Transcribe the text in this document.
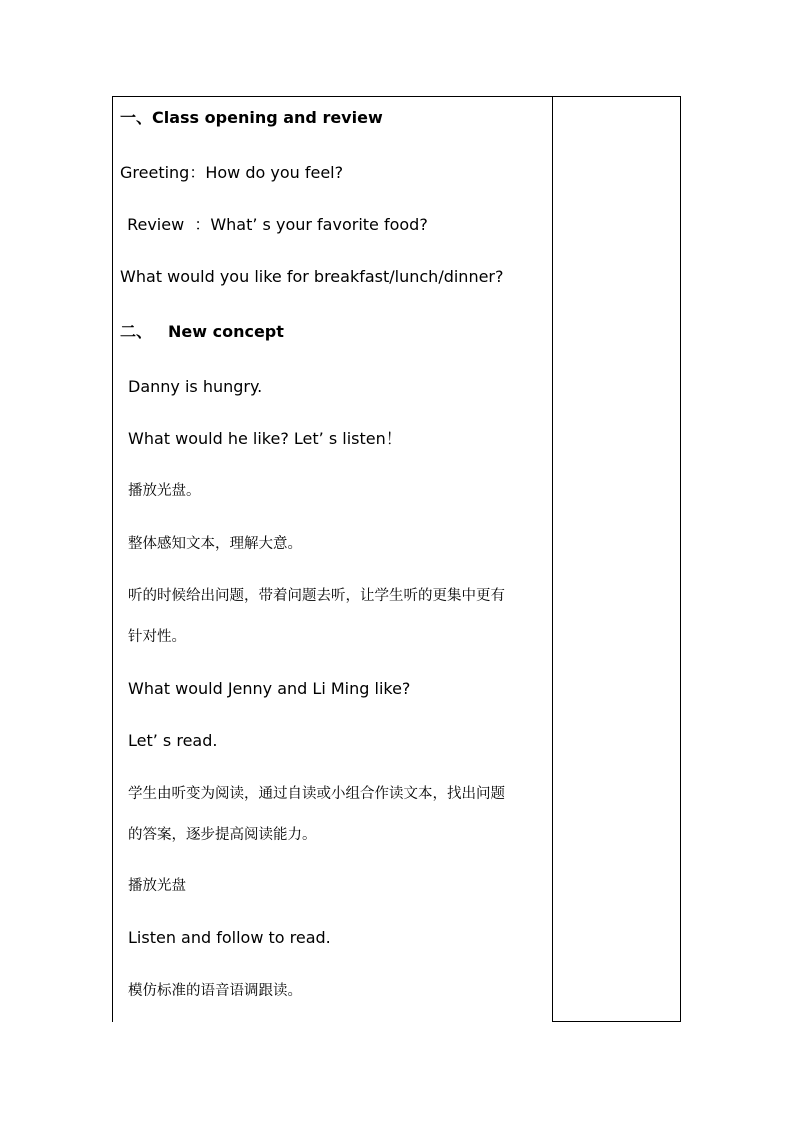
一、Class opening and review
Greeting：How do you feel?
Review  ：What’ s your favorite food?
What would you like for breakfast/lunch/dinner?
二、 New concept
Danny is hungry.
What would he like? Let’ s listen！
播放光盘。
整体感知文本，理解大意。
听的时候给出问题，带着问题去听，让学生听的更集中更有
针对性。
What would Jenny and Li Ming like?
Let’ s read.
学生由听变为阅读，通过自读或小组合作读文本，找出问题
的答案，逐步提高阅读能力。
播放光盘
Listen and follow to read.
模仿标准的语音语调跟读。
